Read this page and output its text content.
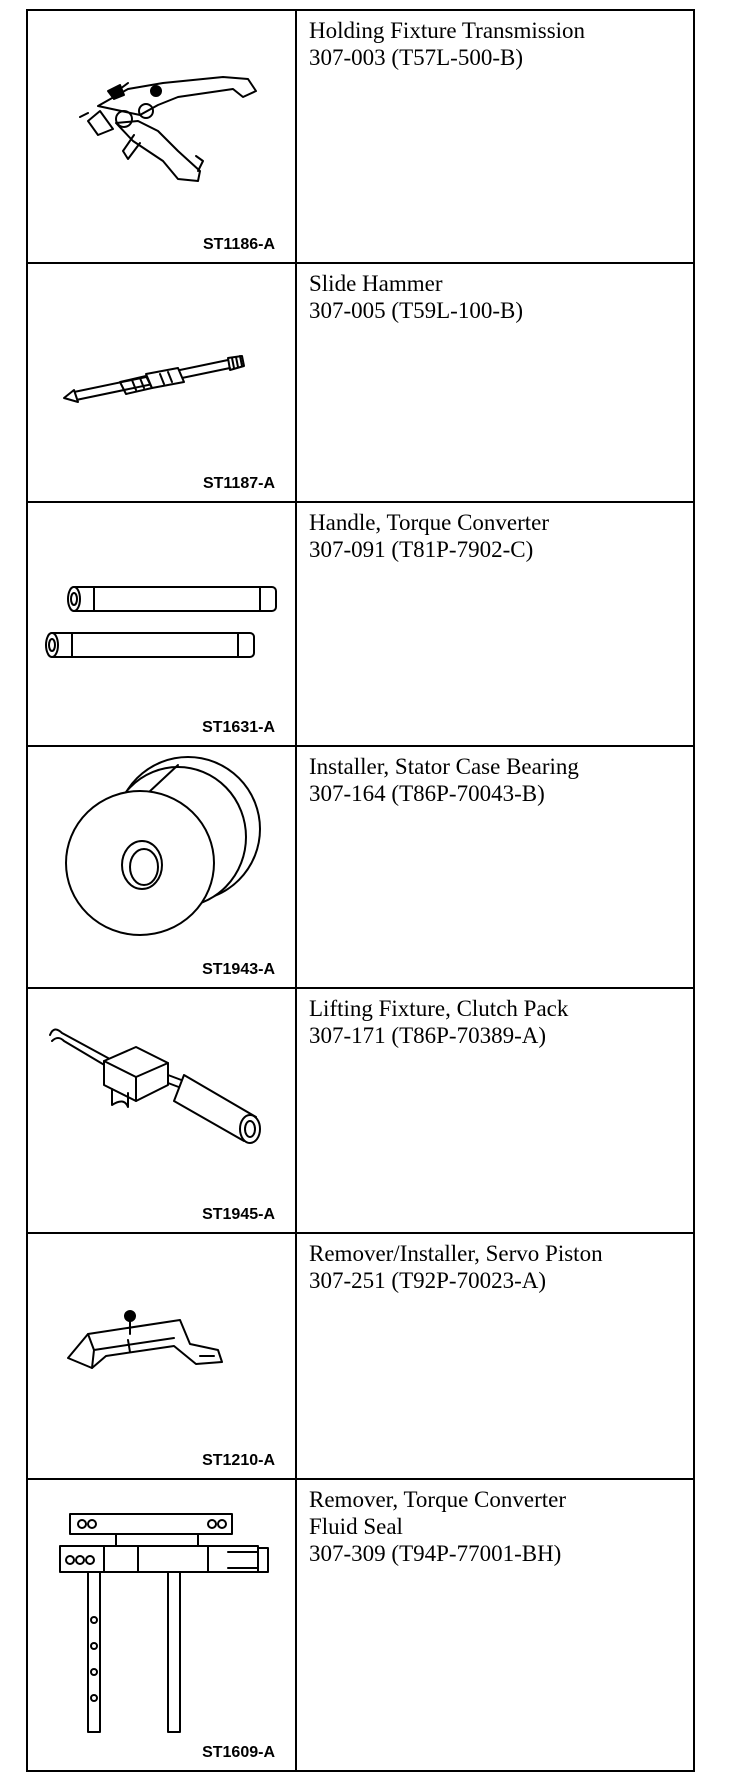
ST1186-A
Holding Fixture Transmission
307-003 (T57L-500-B)
ST1187-A
Slide Hammer
307-005 (T59L-100-B)
ST1631-A
Handle, Torque Converter
307-091 (T81P-7902-C)
ST1943-A
Installer, Stator Case Bearing
307-164 (T86P-70043-B)
ST1945-A
Lifting Fixture, Clutch Pack
307-171 (T86P-70389-A)
ST1210-A
Remover/Installer, Servo Piston
307-251 (T92P-70023-A)
ST1609-A
Remover, Torque Converter
Fluid Seal
307-309 (T94P-77001-BH)
